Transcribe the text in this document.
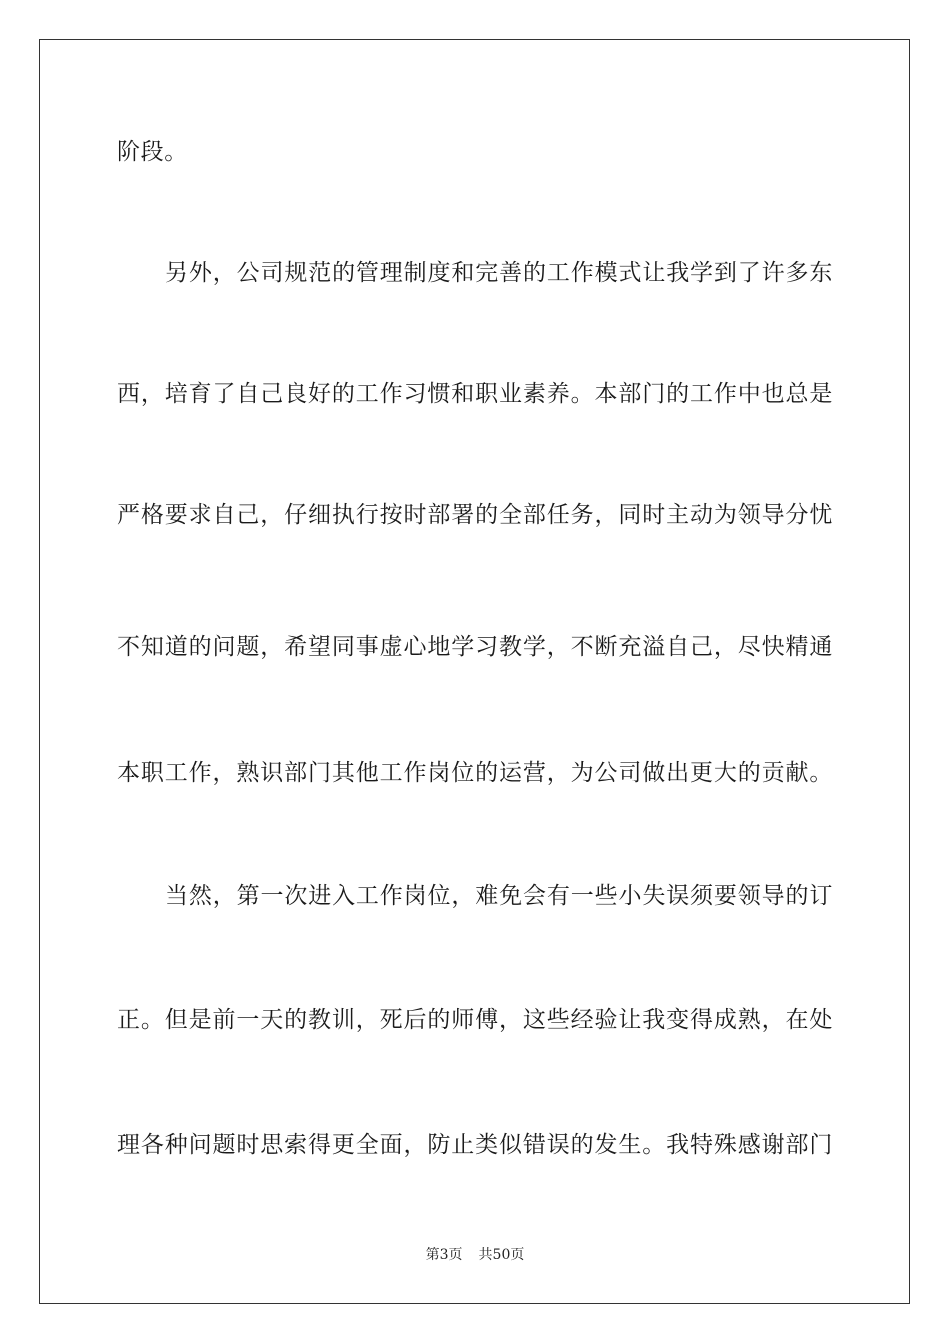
阶段。
另外，公司规范的管理制度和完善的工作模式让我学到了许多东
西，培育了自己良好的工作习惯和职业素养。本部门的工作中也总是
严格要求自己，仔细执行按时部署的全部任务，同时主动为领导分忧
不知道的问题，希望同事虚心地学习教学，不断充溢自己，尽快精通
本职工作，熟识部门其他工作岗位的运营，为公司做出更大的贡献。
当然，第一次进入工作岗位，难免会有一些小失误须要领导的订
正。但是前一天的教训，死后的师傅，这些经验让我变得成熟，在处
理各种问题时思索得更全面，防止类似错误的发生。我特殊感谢部门
第3页 共50页
